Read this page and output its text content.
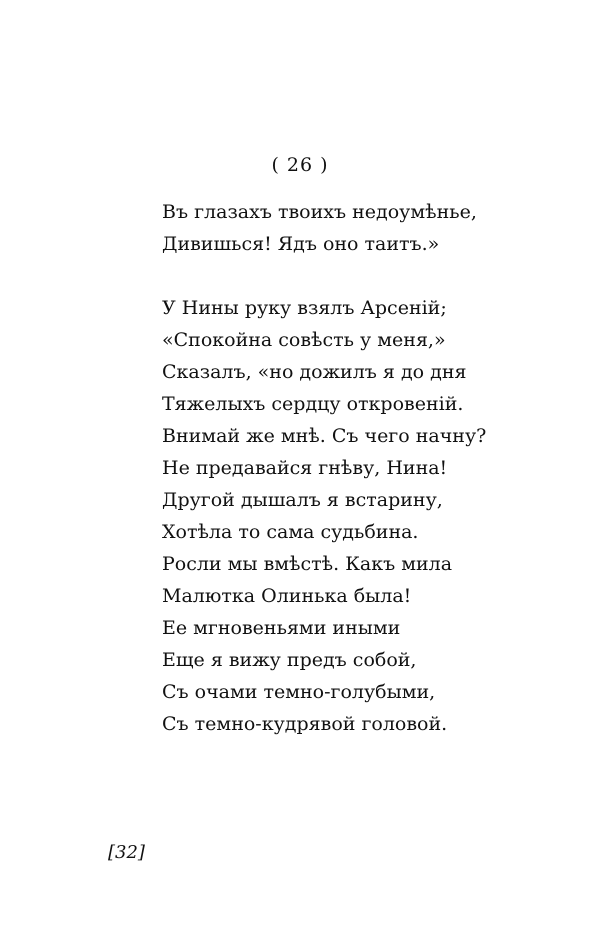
( 26 )
Въ глазахъ твоихъ недоумѣнье,
Дивишься! Ядъ оно таитъ.»
У Нины руку взялъ Арсеній;
«Спокойна совѣсть у меня,»
Сказалъ, «но дожилъ я до дня
Тяжелыхъ сердцу откровеній.
Внимай же мнѣ. Съ чего начну?
Не предавайся гнѣву, Нина!
Другой дышалъ я встарину,
Хотѣла то сама судьбина.
Росли мы вмѣстѣ. Какъ мила
Малютка Олинька была!
Ее мгновеньями иными
Еще я вижу предъ собой,
Съ очами темно-голубыми,
Съ темно-кудрявой головой.
[32]
